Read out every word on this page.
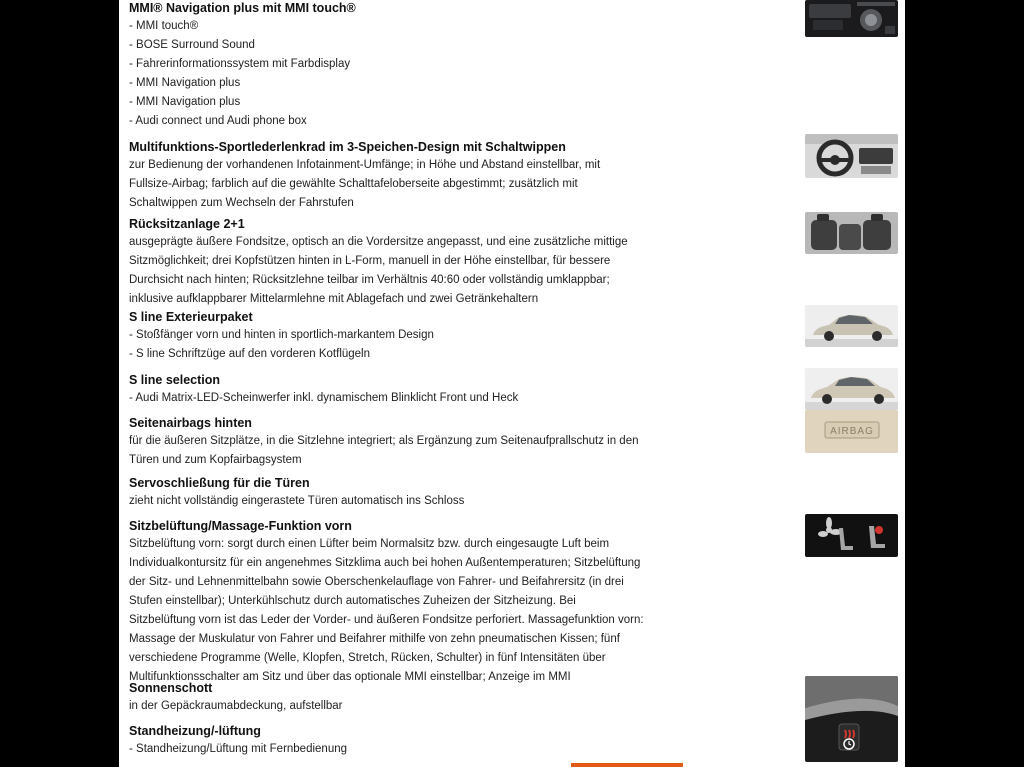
MMI® Navigation plus mit MMI touch®
- MMI touch®
- BOSE Surround Sound
- Fahrerinformationssystem mit Farbdisplay
- MMI Navigation plus
- MMI Navigation plus
- Audi connect und Audi phone box
Multifunktions-Sportlederlenkrad im 3-Speichen-Design mit Schaltwippen
zur Bedienung der vorhandenen Infotainment-Umfänge; in Höhe und Abstand einstellbar, mit
Fullsize-Airbag; farblich auf die gewählte Schalttafeloberseite abgestimmt; zusätzlich mit
Schaltwippen zum Wechseln der Fahrstufen
Rücksitzanlage 2+1
ausgeprägte äußere Fondsitze, optisch an die Vordersitze angepasst, und eine zusätzliche mittige
Sitzmöglichkeit; drei Kopfstützen hinten in L-Form, manuell in der Höhe einstellbar, für bessere
Durchsicht nach hinten; Rücksitzlehne teilbar im Verhältnis 40:60 oder vollständig umklappbar;
inklusive aufklappbarer Mittelarmlehne mit Ablagefach und zwei Getränkehaltern
S line Exterieurpaket
- Stoßfänger vorn und hinten in sportlich-markantem Design
- S line Schriftzüge auf den vorderen Kotflügeln
S line selection
- Audi Matrix-LED-Scheinwerfer inkl. dynamischem Blinklicht Front und Heck
Seitenairbags hinten
für die äußeren Sitzplätze, in die Sitzlehne integriert; als Ergänzung zum Seitenaufprallschutz in den
Türen und zum Kopfairbagsystem
Servoschließung für die Türen
zieht nicht vollständig eingerastete Türen automatisch ins Schloss
Sitzbelüftung/Massage-Funktion vorn
Sitzbelüftung vorn: sorgt durch einen Lüfter beim Normalsitz bzw. durch eingesaugte Luft beim
Individualkontursitz für ein angenehmes Sitzklima auch bei hohen Außentemperaturen; Sitzbelüftung
der Sitz- und Lehnenmittelbahn sowie Oberschenkelauflage von Fahrer- und Beifahrersitz (in drei
Stufen einstellbar); Unterkühlschutz durch automatisches Zuheizen der Sitzheizung. Bei
Sitzbelüftung vorn ist das Leder der Vorder- und äußeren Fondsitze perforiert. Massagefunktion vorn:
Massage der Muskulatur von Fahrer und Beifahrer mithilfe von zehn pneumatischen Kissen; fünf
verschiedene Programme (Welle, Klopfen, Stretch, Rücken, Schulter) in fünf Intensitäten über
Multifunktionsschalter am Sitz und über das optionale MMI einstellbar; Anzeige im MMI
Sonnenschott
in der Gepäckraumabdeckung, aufstellbar
Standheizung/-lüftung
- Standheizung/Lüftung mit Fernbedienung
AIRBAG
